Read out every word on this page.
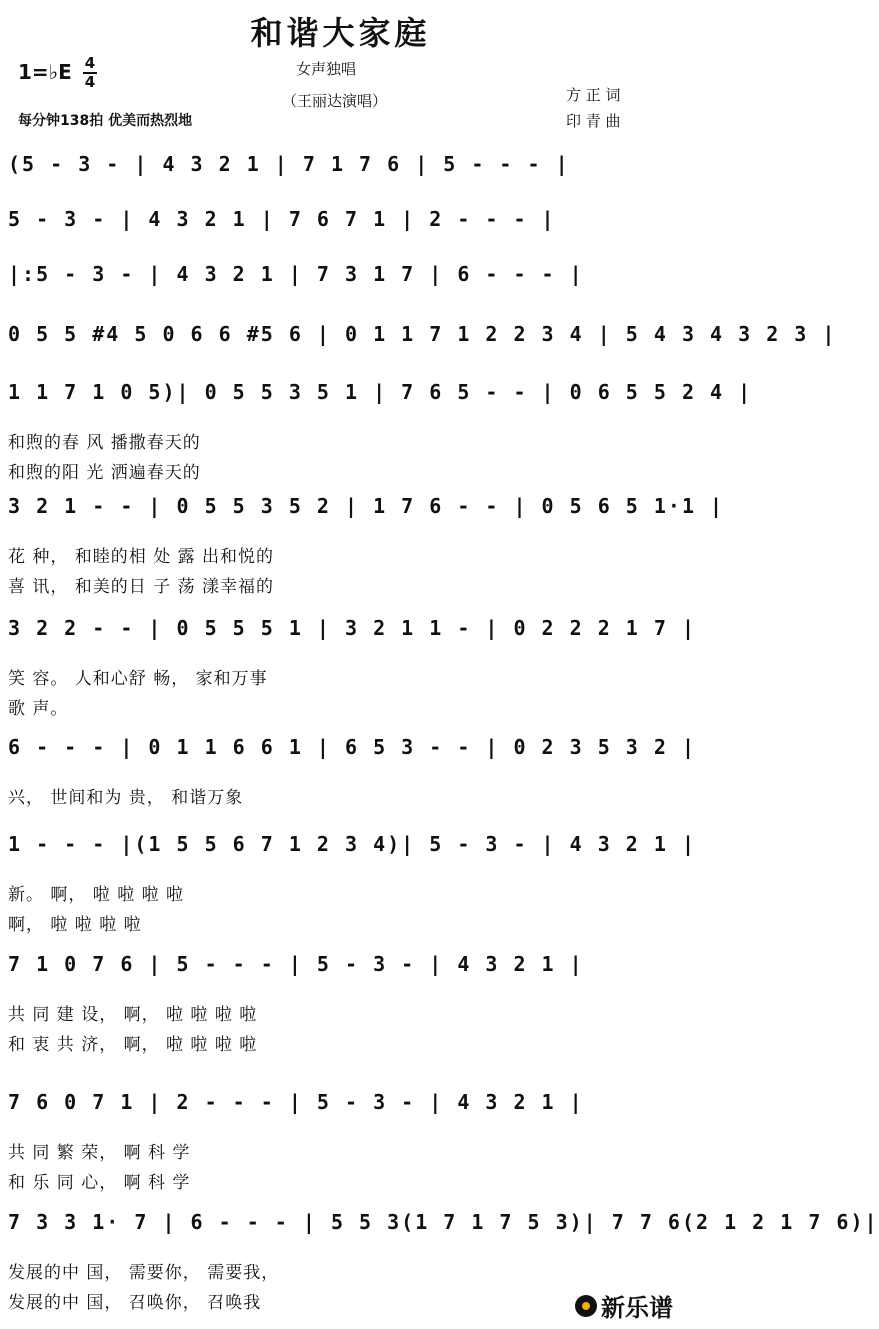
和谐大家庭
女声独唱
（王丽达演唱）
1=♭E 4
4
每分钟138拍 优美而热烈地
方 正 词
印 青 曲
(5 - 3 - | 4 3 2 1 | 7 1 7 6 | 5 - - - |
5 - 3 - | 4 3 2 1 | 7 6 7 1 | 2 - - - |
|:5 - 3 - | 4 3 2 1 | 7 3 1 7 | 6 - - - |
0 5 5 #4 5 0 6 6 #5 6 | 0 1 1 7 1 2 2 3 4 | 5 4 3 4 3 2 3 |
1 1 7 1 0 5)| 0 5 5 3 5 1 | 7 6 5 - - | 0 6 5 5 2 4 |
和煦的春 风 播撒春天的
和煦的阳 光 洒遍春天的
3 2 1 - - | 0 5 5 3 5 2 | 1 7 6 - - | 0 5 6 5 1·1 |
花 种， 和睦的相 处 露 出和悦的
喜 讯， 和美的日 子 荡 漾幸福的
3 2 2 - - | 0 5 5 5 1 | 3 2 1 1 - | 0 2 2 2 1 7 |
笑 容。 人和心舒 畅， 家和万事
歌 声。
6 - - - | 0 1 1 6 6 1 | 6 5 3 - - | 0 2 3 5 3 2 |
兴， 世间和为 贵， 和谐万象
1 - - - |(1 5 5 6 7 1 2 3 4)| 5 - 3 - | 4 3 2 1 |
新。 啊， 啦 啦 啦 啦
啊， 啦 啦 啦 啦
7 1 0 7 6 | 5 - - - | 5 - 3 - | 4 3 2 1 |
共 同 建 设， 啊， 啦 啦 啦 啦
和 衷 共 济， 啊， 啦 啦 啦 啦
7 6 0 7 1 | 2 - - - | 5 - 3 - | 4 3 2 1 |
共 同 繁 荣， 啊 科 学
和 乐 同 心， 啊 科 学
7 3 3 1· 7 | 6 - - - | 5 5 3(1 7 1 7 5 3)| 7 7 6(2 1 2 1 7 6)|
发展的中 国， 需要你， 需要我，
发展的中 国， 召唤你， 召唤我	新乐谱
